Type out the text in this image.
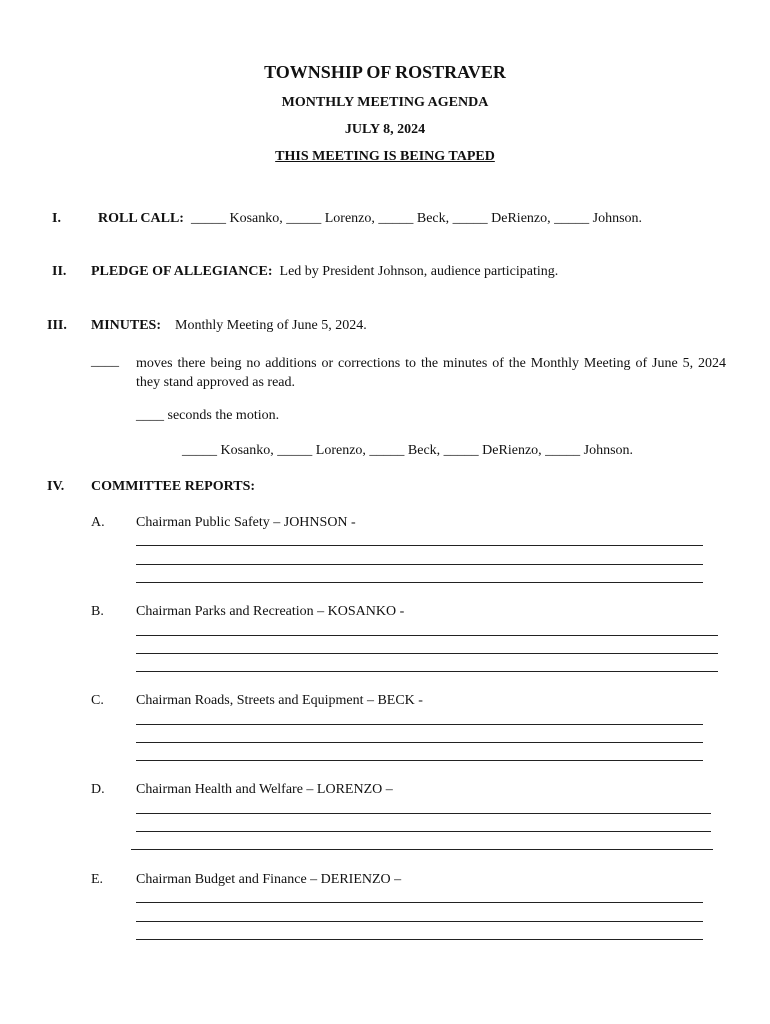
TOWNSHIP OF ROSTRAVER
MONTHLY MEETING AGENDA
JULY 8, 2024
THIS MEETING IS BEING TAPED
I.	ROLL CALL: _____ Kosanko, _____ Lorenzo, _____ Beck, _____ DeRienzo, _____ Johnson.
II. PLEDGE OF ALLEGIANCE: Led by President Johnson, audience participating.
III. MINUTES: Monthly Meeting of June 5, 2024.
____ moves there being no additions or corrections to the minutes of the Monthly Meeting of June 5, 2024 they stand approved as read.
____ seconds the motion.
_____ Kosanko, _____ Lorenzo, _____ Beck, _____ DeRienzo, _____ Johnson.
IV. COMMITTEE REPORTS:
A. Chairman Public Safety – JOHNSON -
B. Chairman Parks and Recreation – KOSANKO -
C. Chairman Roads, Streets and Equipment – BECK -
D. Chairman Health and Welfare – LORENZO –
E. Chairman Budget and Finance – DERIENZO –
